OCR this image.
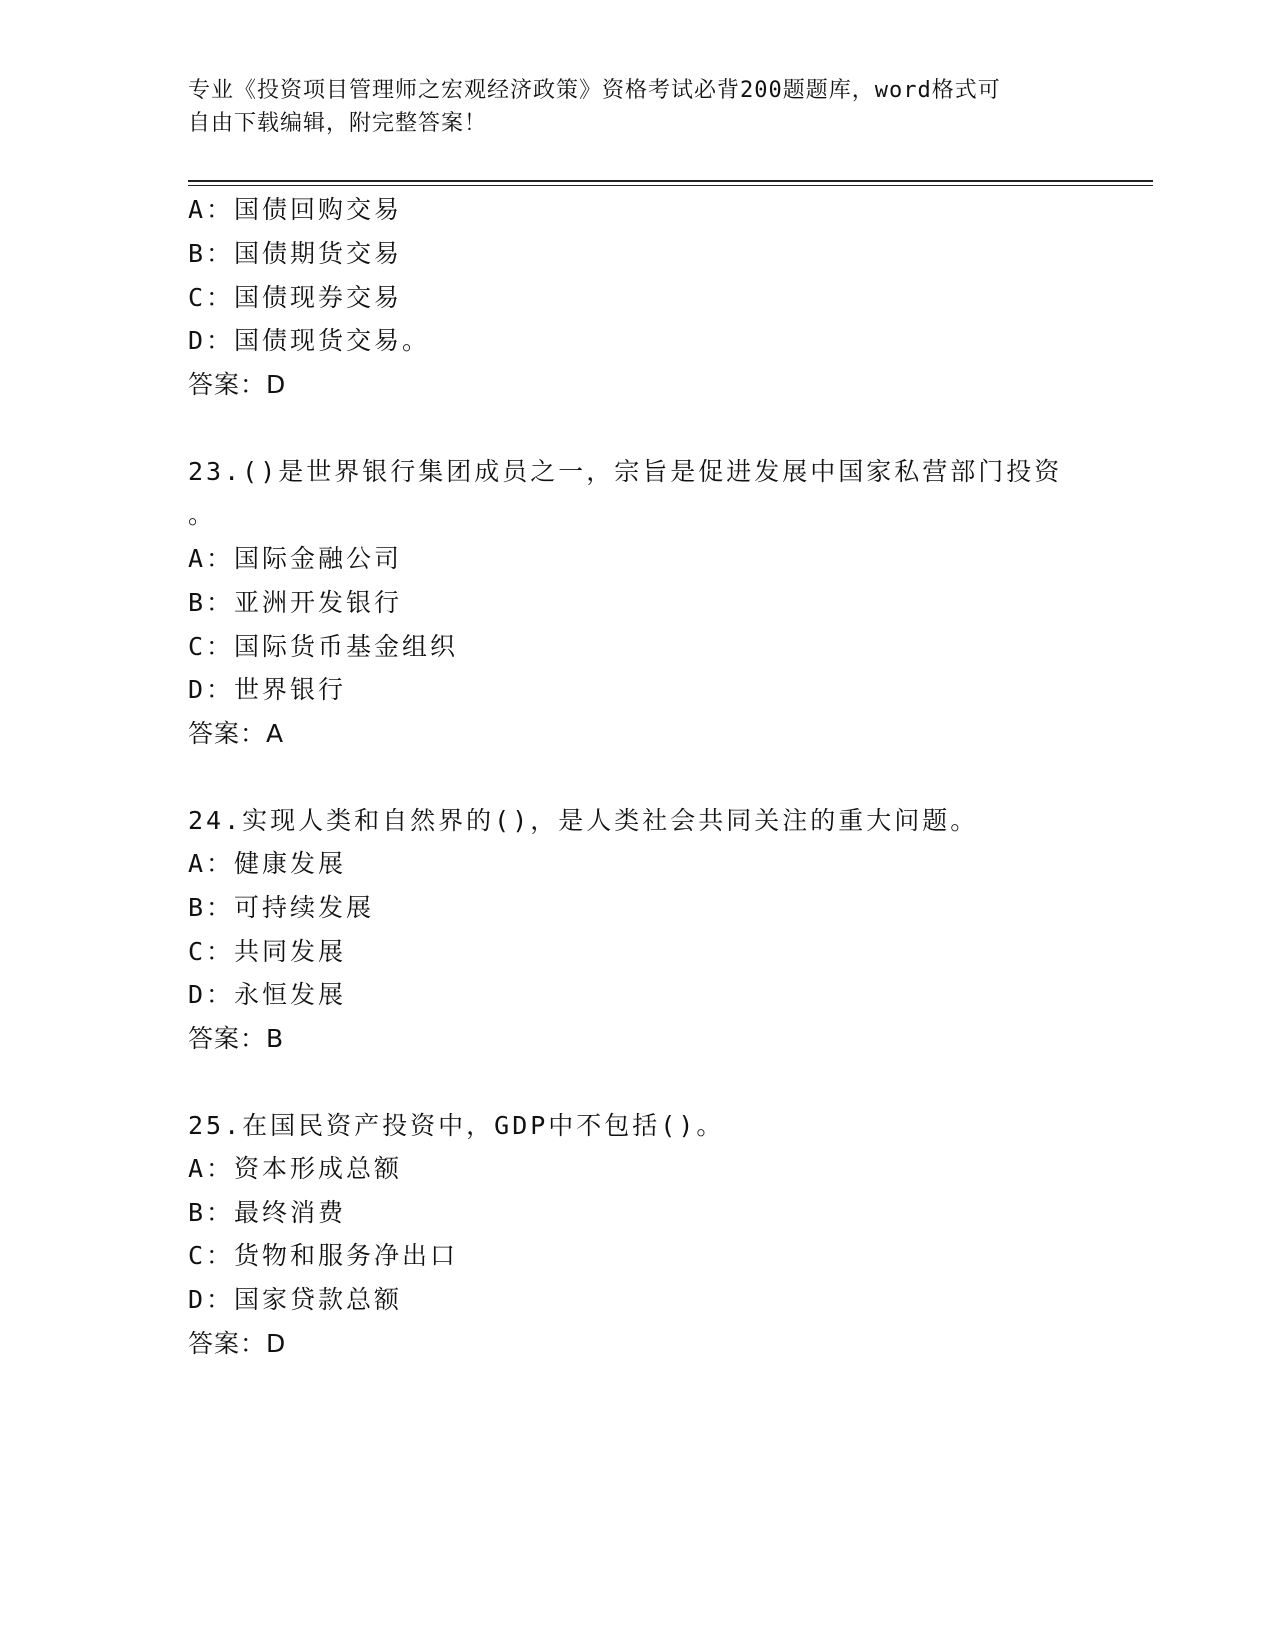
专业《投资项目管理师之宏观经济政策》资格考试必背200题题库，word格式可
自由下载编辑，附完整答案！
A：国债回购交易
B：国债期货交易
C：国债现券交易
D：国债现货交易。
答案：D
23.()是世界银行集团成员之一，宗旨是促进发展中国家私营部门投资
。
A：国际金融公司
B：亚洲开发银行
C：国际货币基金组织
D：世界银行
答案：A
24.实现人类和自然界的()，是人类社会共同关注的重大问题。
A：健康发展
B：可持续发展
C：共同发展
D：永恒发展
答案：B
25.在国民资产投资中，GDP中不包括()。
A：资本形成总额
B：最终消费
C：货物和服务净出口
D：国家贷款总额
答案：D
